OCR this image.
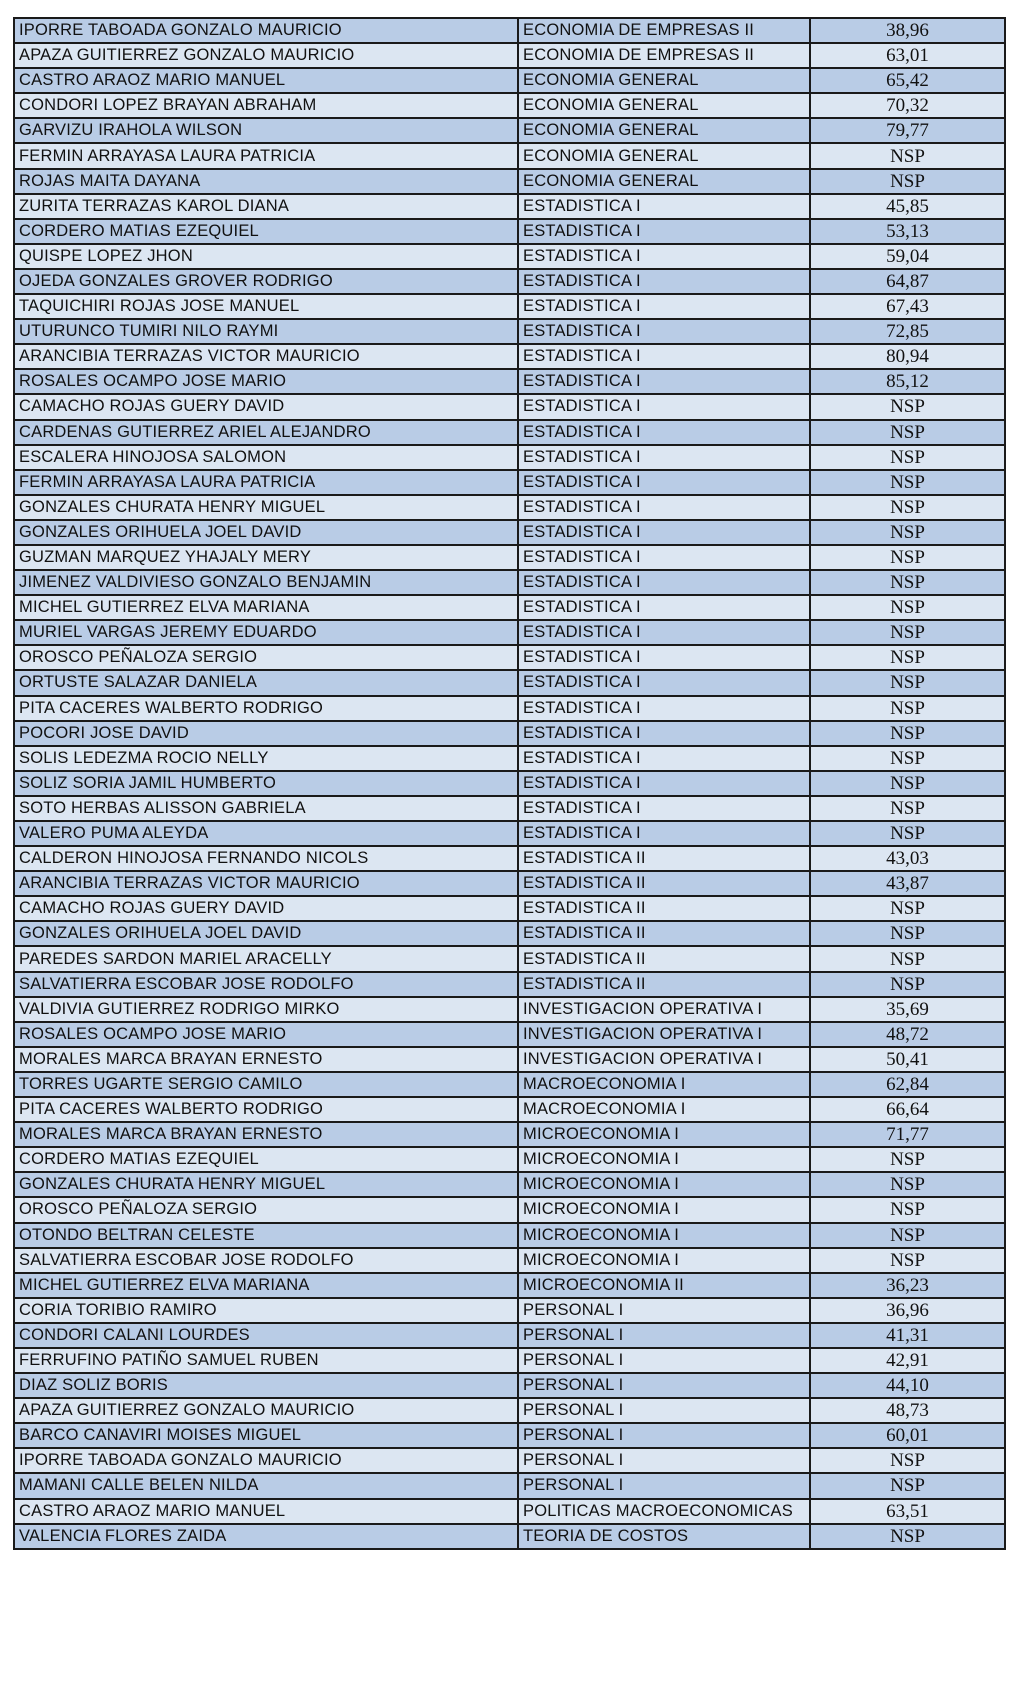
IPORRE TABOADA GONZALO MAURICIO	ECONOMIA DE EMPRESAS II	38,96
APAZA GUITIERREZ GONZALO MAURICIO	ECONOMIA DE EMPRESAS II	63,01
CASTRO ARAOZ MARIO MANUEL	ECONOMIA GENERAL	65,42
CONDORI LOPEZ BRAYAN ABRAHAM	ECONOMIA GENERAL	70,32
GARVIZU IRAHOLA WILSON	ECONOMIA GENERAL	79,77
FERMIN ARRAYASA LAURA PATRICIA	ECONOMIA GENERAL	NSP
ROJAS MAITA DAYANA	ECONOMIA GENERAL	NSP
ZURITA TERRAZAS KAROL DIANA	ESTADISTICA I	45,85
CORDERO MATIAS EZEQUIEL	ESTADISTICA I	53,13
QUISPE LOPEZ JHON	ESTADISTICA I	59,04
OJEDA GONZALES GROVER RODRIGO	ESTADISTICA I	64,87
TAQUICHIRI ROJAS JOSE MANUEL	ESTADISTICA I	67,43
UTURUNCO TUMIRI NILO RAYMI	ESTADISTICA I	72,85
ARANCIBIA TERRAZAS VICTOR MAURICIO	ESTADISTICA I	80,94
ROSALES OCAMPO JOSE MARIO	ESTADISTICA I	85,12
CAMACHO ROJAS GUERY DAVID	ESTADISTICA I	NSP
CARDENAS GUTIERREZ ARIEL ALEJANDRO	ESTADISTICA I	NSP
ESCALERA HINOJOSA SALOMON	ESTADISTICA I	NSP
FERMIN ARRAYASA LAURA PATRICIA	ESTADISTICA I	NSP
GONZALES CHURATA HENRY MIGUEL	ESTADISTICA I	NSP
GONZALES ORIHUELA JOEL DAVID	ESTADISTICA I	NSP
GUZMAN MARQUEZ YHAJALY MERY	ESTADISTICA I	NSP
JIMENEZ VALDIVIESO GONZALO BENJAMIN	ESTADISTICA I	NSP
MICHEL GUTIERREZ ELVA MARIANA	ESTADISTICA I	NSP
MURIEL VARGAS JEREMY EDUARDO	ESTADISTICA I	NSP
OROSCO PEÑALOZA SERGIO	ESTADISTICA I	NSP
ORTUSTE SALAZAR DANIELA	ESTADISTICA I	NSP
PITA CACERES WALBERTO RODRIGO	ESTADISTICA I	NSP
POCORI JOSE DAVID	ESTADISTICA I	NSP
SOLIS LEDEZMA ROCIO NELLY	ESTADISTICA I	NSP
SOLIZ SORIA JAMIL HUMBERTO	ESTADISTICA I	NSP
SOTO HERBAS ALISSON GABRIELA	ESTADISTICA I	NSP
VALERO PUMA ALEYDA	ESTADISTICA I	NSP
CALDERON HINOJOSA FERNANDO NICOLS	ESTADISTICA II	43,03
ARANCIBIA TERRAZAS VICTOR MAURICIO	ESTADISTICA II	43,87
CAMACHO ROJAS GUERY DAVID	ESTADISTICA II	NSP
GONZALES ORIHUELA JOEL DAVID	ESTADISTICA II	NSP
PAREDES SARDON MARIEL ARACELLY	ESTADISTICA II	NSP
SALVATIERRA ESCOBAR JOSE RODOLFO	ESTADISTICA II	NSP
VALDIVIA GUTIERREZ RODRIGO MIRKO	INVESTIGACION OPERATIVA I	35,69
ROSALES OCAMPO JOSE MARIO	INVESTIGACION OPERATIVA I	48,72
MORALES MARCA BRAYAN ERNESTO	INVESTIGACION OPERATIVA I	50,41
TORRES UGARTE SERGIO CAMILO	MACROECONOMIA I	62,84
PITA CACERES WALBERTO RODRIGO	MACROECONOMIA I	66,64
MORALES MARCA BRAYAN ERNESTO	MICROECONOMIA I	71,77
CORDERO MATIAS EZEQUIEL	MICROECONOMIA I	NSP
GONZALES CHURATA HENRY MIGUEL	MICROECONOMIA I	NSP
OROSCO PEÑALOZA SERGIO	MICROECONOMIA I	NSP
OTONDO BELTRAN CELESTE	MICROECONOMIA I	NSP
SALVATIERRA ESCOBAR JOSE RODOLFO	MICROECONOMIA I	NSP
MICHEL GUTIERREZ ELVA MARIANA	MICROECONOMIA II	36,23
CORIA TORIBIO RAMIRO	PERSONAL I	36,96
CONDORI CALANI LOURDES	PERSONAL I	41,31
FERRUFINO PATIÑO SAMUEL RUBEN	PERSONAL I	42,91
DIAZ SOLIZ BORIS	PERSONAL I	44,10
APAZA GUITIERREZ GONZALO MAURICIO	PERSONAL I	48,73
BARCO CANAVIRI MOISES MIGUEL	PERSONAL I	60,01
IPORRE TABOADA GONZALO MAURICIO	PERSONAL I	NSP
MAMANI CALLE BELEN NILDA	PERSONAL I	NSP
CASTRO ARAOZ MARIO MANUEL	POLITICAS MACROECONOMICAS	63,51
VALENCIA FLORES ZAIDA	TEORIA DE COSTOS	NSP
